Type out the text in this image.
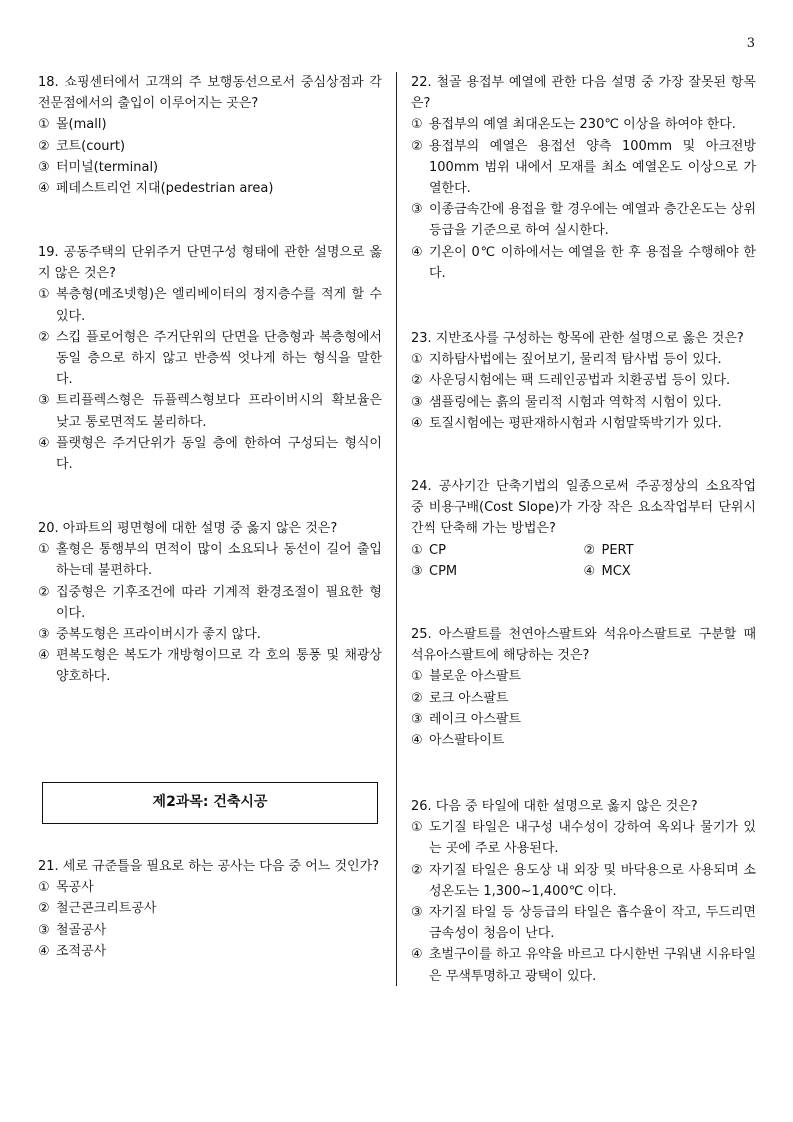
3
18. 쇼핑센터에서 고객의 주 보행동선으로서 중심상점과 각 전문점에서의 출입이 이루어지는 곳은?
① 몰(mall)
② 코트(court)
③ 터미널(terminal)
④ 페데스트리언 지대(pedestrian area)
19. 공동주택의 단위주거 단면구성 형태에 관한 설명으로 옳지 않은 것은?
① 복층형(메조넷형)은 엘리베이터의 정지층수를 적게 할 수 있다.
② 스킵 플로어형은 주거단위의 단면을 단층형과 복층형에서 동일 층으로 하지 않고 반층씩 엇나게 하는 형식을 말한다.
③ 트리플렉스형은 듀플렉스형보다 프라이버시의 확보율은 낮고 통로면적도 불리하다.
④ 플랫형은 주거단위가 동일 층에 한하여 구성되는 형식이다.
20. 아파트의 평면형에 대한 설명 중 옳지 않은 것은?
① 홀형은 통행부의 면적이 많이 소요되나 동선이 길어 출입하는데 불편하다.
② 집중형은 기후조건에 따라 기계적 환경조절이 필요한 형이다.
③ 중복도형은 프라이버시가 좋지 않다.
④ 편복도형은 복도가 개방형이므로 각 호의 통풍 및 채광상 양호하다.
제2과목: 건축시공
21. 세로 규준틀을 필요로 하는 공사는 다음 중 어느 것인가?
① 목공사
② 철근콘크리트공사
③ 철골공사
④ 조적공사
22. 철골 용접부 예열에 관한 다음 설명 중 가장 잘못된 항목은?
① 용접부의 예열 최대온도는 230℃ 이상을 하여야 한다.
② 용접부의 예열은 용접선 양측 100mm 및 아크전방 100mm 범위 내에서 모재를 최소 예열온도 이상으로 가열한다.
③ 이종금속간에 용접을 할 경우에는 예열과 층간온도는 상위등급을 기준으로 하여 실시한다.
④ 기온이 0℃ 이하에서는 예열을 한 후 용접을 수행해야 한다.
23. 지반조사를 구성하는 항목에 관한 설명으로 옳은 것은?
① 지하탐사법에는 짚어보기, 물리적 탐사법 등이 있다.
② 사운딩시험에는 팩 드레인공법과 치환공법 등이 있다.
③ 샘플링에는 흙의 물리적 시험과 역학적 시험이 있다.
④ 토질시험에는 평판재하시험과 시험말뚝박기가 있다.
24. 공사기간 단축기법의 일종으로써 주공정상의 소요작업 중 비용구배(Cost Slope)가 가장 작은 요소작업부터 단위시간씩 단축해 가는 방법은?
① CP	② PERT
③ CPM	④ MCX
25. 아스팔트를 천연아스팔트와 석유아스팔트로 구분할 때 석유아스팔트에 해당하는 것은?
① 블로운 아스팔트
② 로크 아스팔트
③ 레이크 아스팔트
④ 아스팔타이트
26. 다음 중 타일에 대한 설명으로 옳지 않은 것은?
① 도기질 타일은 내구성 내수성이 강하여 옥외나 물기가 있는 곳에 주로 사용된다.
② 자기질 타일은 용도상 내 외장 및 바닥용으로 사용되며 소성온도는 1,300~1,400℃ 이다.
③ 자기질 타일 등 상등급의 타일은 흡수율이 작고, 두드리면 금속성이 청음이 난다.
④ 초벌구이를 하고 유약을 바르고 다시한번 구워낸 시유타일은 무색투명하고 광택이 있다.
